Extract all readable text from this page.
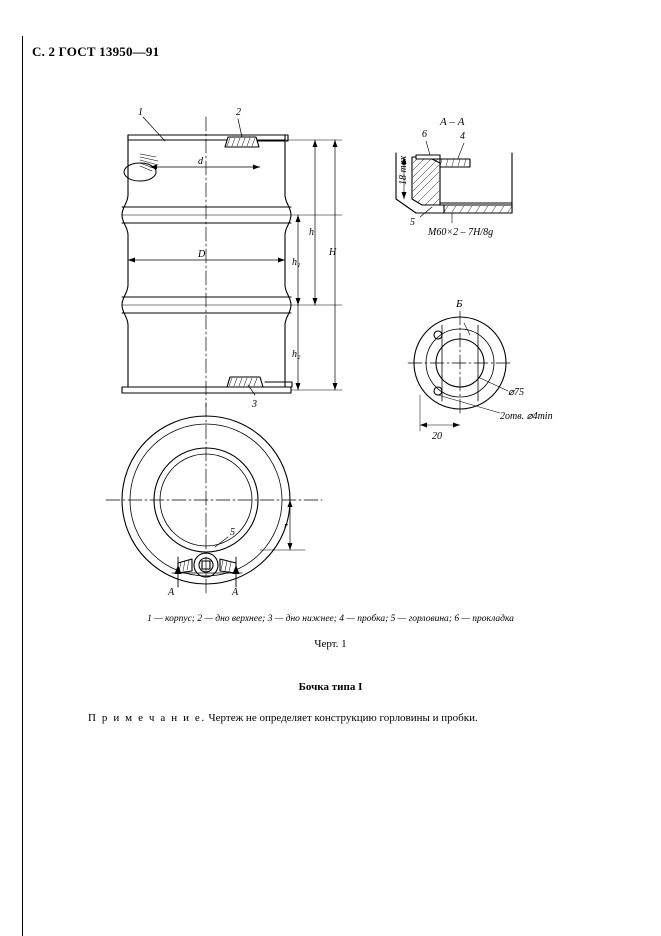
С. 2 ГОСТ 13950—91
1	2
3
4
6
5
5
d
D
h₁
h
H
h₂
r
А	А
А – А
Б
М60×2 – 7H/8g
⌀75
2отв. ⌀4min
20
18 max
1 — корпус; 2 — дно верхнее; 3 — дно нижнее; 4 — пробка; 5 — горловина; 6 — прокладка
Черт. 1
Бочка типа I
П р и м е ч а н и е. Чертеж не определяет конструкцию горловины и пробки.
